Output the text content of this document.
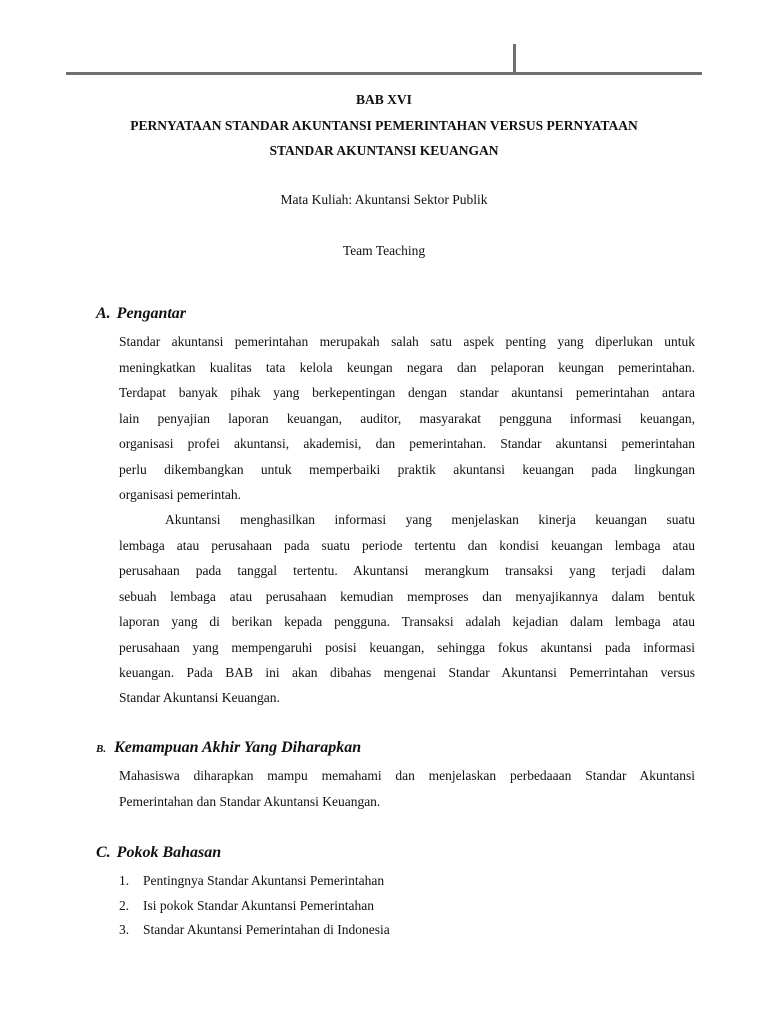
BAB XVI
PERNYATAAN STANDAR AKUNTANSI PEMERINTAHAN VERSUS PERNYATAAN
STANDAR AKUNTANSI KEUANGAN
Mata Kuliah: Akuntansi Sektor Publik
Team Teaching
A. Pengantar
Standar akuntansi pemerintahan merupakah salah satu aspek penting yang diperlukan untuk
meningkatkan kualitas tata kelola keungan negara dan pelaporan keungan pemerintahan.
Terdapat banyak pihak yang berkepentingan dengan standar akuntansi pemerintahan antara
lain penyajian laporan keuangan, auditor, masyarakat pengguna informasi keuangan,
organisasi profei akuntansi, akademisi, dan pemerintahan. Standar akuntansi pemerintahan
perlu dikembangkan untuk memperbaiki praktik akuntansi keuangan pada lingkungan
organisasi pemerintah.
Akuntansi menghasilkan informasi yang menjelaskan kinerja keuangan suatu
lembaga atau perusahaan pada suatu periode tertentu dan kondisi keuangan lembaga atau
perusahaan pada tanggal tertentu. Akuntansi merangkum transaksi yang terjadi dalam
sebuah lembaga atau perusahaan kemudian memproses dan menyajikannya dalam bentuk
laporan yang di berikan kepada pengguna. Transaksi adalah kejadian dalam lembaga atau
perusahaan yang mempengaruhi posisi keuangan, sehingga fokus akuntansi pada informasi
keuangan. Pada BAB ini akan dibahas mengenai Standar Akuntansi Pemerrintahan versus
Standar Akuntansi Keuangan.
B. Kemampuan Akhir Yang Diharapkan
Mahasiswa diharapkan mampu memahami dan menjelaskan perbedaaan Standar Akuntansi
Pemerintahan dan Standar Akuntansi Keuangan.
C. Pokok Bahasan
1. Pentingnya Standar Akuntansi Pemerintahan
2. Isi pokok Standar Akuntansi Pemerintahan
3. Standar Akuntansi Pemerintahan di Indonesia
